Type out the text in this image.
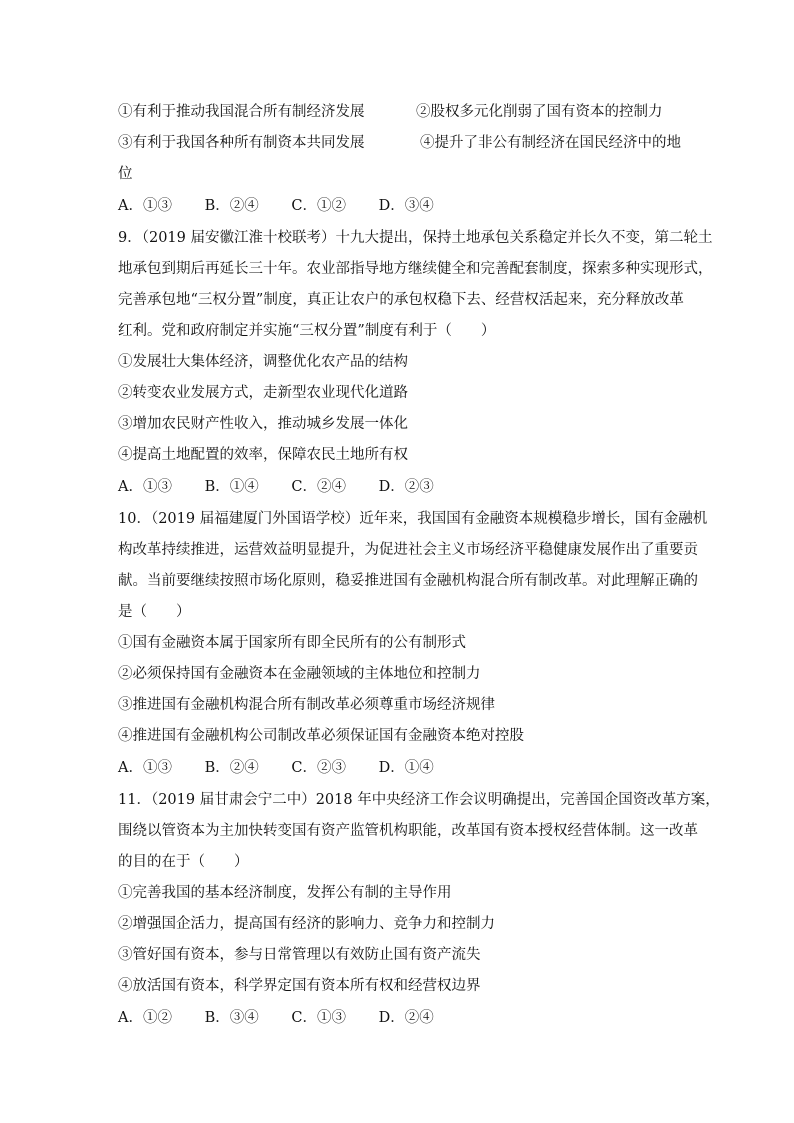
①有利于推动我国混合所有制经济发展	②股权多元化削弱了国有资本的控制力
③有利于我国各种所有制资本共同发展	④提升了非公有制经济在国民经济中的地
位
A．①③ B．②④ C．①② D．③④
9．（2019 届安徽江淮十校联考）十九大提出，保持土地承包关系稳定并长久不变，第二轮土
地承包到期后再延长三十年。农业部指导地方继续健全和完善配套制度，探索多种实现形式，
完善承包地“三权分置”制度，真正让农户的承包权稳下去、经营权活起来，充分释放改革
红利。党和政府制定并实施“三权分置”制度有利于（　　）
①发展壮大集体经济，调整优化农产品的结构
②转变农业发展方式，走新型农业现代化道路
③增加农民财产性收入，推动城乡发展一体化
④提高土地配置的效率，保障农民土地所有权
A．①③ B．①④ C．②④ D．②③
10．（2019 届福建厦门外国语学校）近年来，我国国有金融资本规模稳步增长，国有金融机
构改革持续推进，运营效益明显提升，为促进社会主义市场经济平稳健康发展作出了重要贡
献。当前要继续按照市场化原则，稳妥推进国有金融机构混合所有制改革。对此理解正确的
是（　　）
①国有金融资本属于国家所有即全民所有的公有制形式
②必须保持国有金融资本在金融领域的主体地位和控制力
③推进国有金融机构混合所有制改革必须尊重市场经济规律
④推进国有金融机构公司制改革必须保证国有金融资本绝对控股
A．①③ B．②④ C．②③ D．①④
11．（2019 届甘肃会宁二中）2018 年中央经济工作会议明确提出，完善国企国资改革方案，
围绕以管资本为主加快转变国有资产监管机构职能，改革国有资本授权经营体制。这一改革
的目的在于（　　）
①完善我国的基本经济制度，发挥公有制的主导作用
②增强国企活力，提高国有经济的影响力、竞争力和控制力
③管好国有资本，参与日常管理以有效防止国有资产流失
④放活国有资本，科学界定国有资本所有权和经营权边界
A．①② B．③④ C．①③ D．②④
